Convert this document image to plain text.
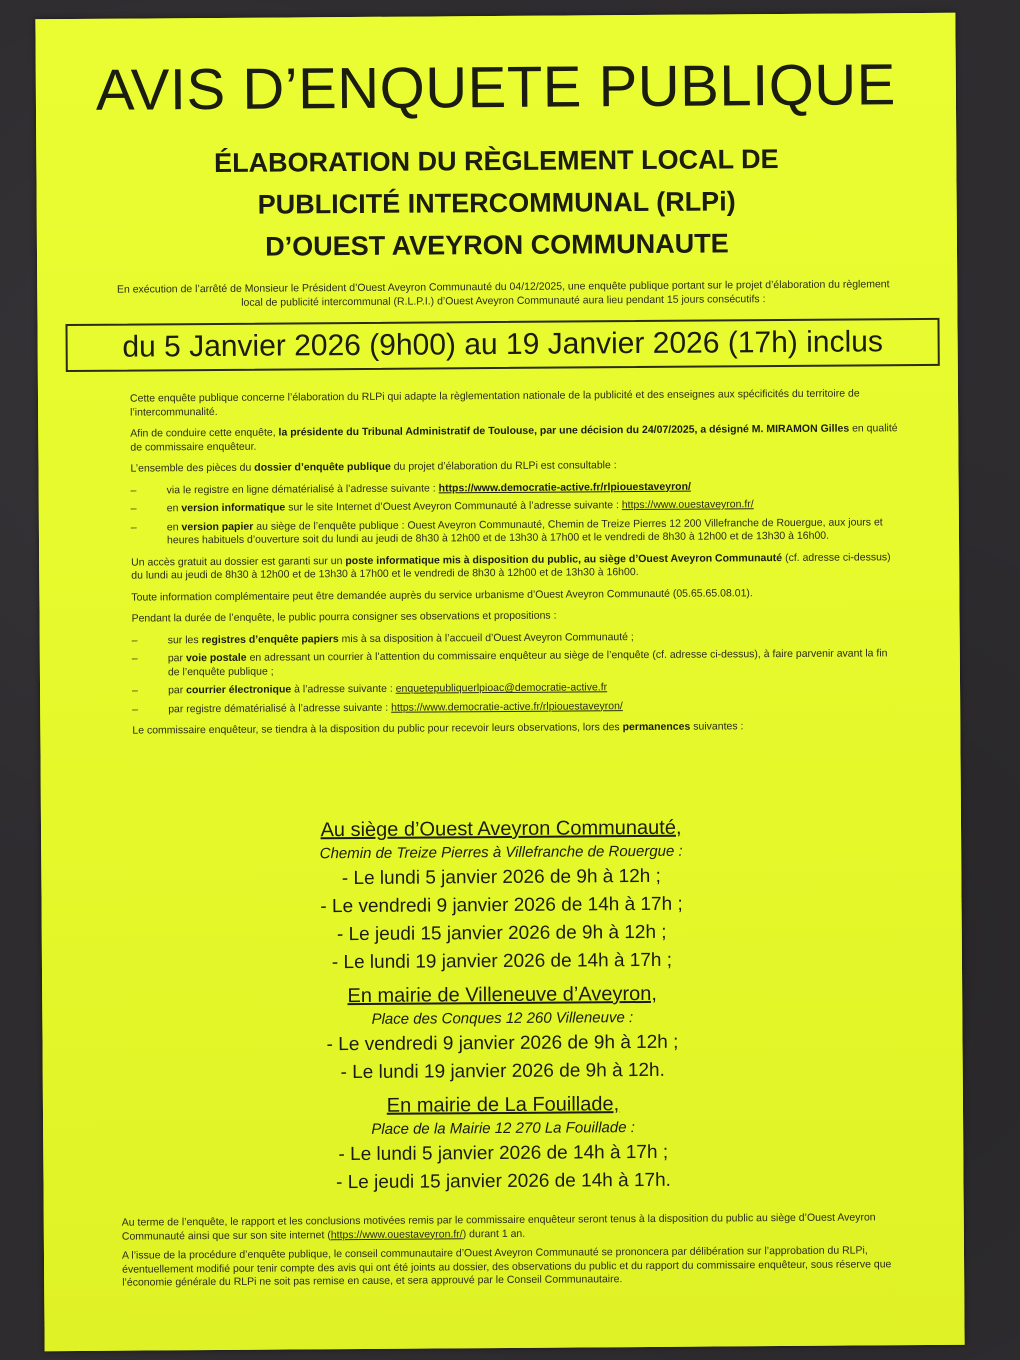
AVIS D’ENQUETE PUBLIQUE
ÉLABORATION DU RÈGLEMENT LOCAL DE
PUBLICITÉ INTERCOMMUNAL (RLPi)
D’OUEST AVEYRON COMMUNAUTE
En exécution de l’arrêté de Monsieur le Président d’Ouest Aveyron Communauté du 04/12/2025, une enquête publique portant sur le projet d’élaboration du règlement local de publicité intercommunal (R.L.P.I.) d’Ouest Aveyron Communauté aura lieu pendant 15 jours consécutifs :
du 5 Janvier 2026 (9h00) au 19 Janvier 2026 (17h) inclus

Cette enquête publique concerne l’élaboration du RLPi qui adapte la règlementation nationale de la publicité et des enseignes aux spécificités du territoire de l’intercommunalité.

Afin de conduire cette enquête, la présidente du Tribunal Administratif de Toulouse, par une décision du 24/07/2025, a désigné M. MIRAMON Gilles en qualité de commissaire enquêteur.

L’ensemble des pièces du dossier d’enquête publique du projet d’élaboration du RLPi est consultable :

– via le registre en ligne dématérialisé à l’adresse suivante : https://www.democratie-active.fr/rlpiouestaveyron/
– en version informatique sur le site Internet d’Ouest Aveyron Communauté à l’adresse suivante : https://www.ouestaveyron.fr/
– en version papier au siège de l’enquête publique : Ouest Aveyron Communauté, Chemin de Treize Pierres 12 200 Villefranche de Rouergue, aux jours et heures habituels d’ouverture soit du lundi au jeudi de 8h30 à 12h00 et de 13h30 à 17h00 et le vendredi de 8h30 à 12h00 et de 13h30 à 16h00.

Un accès gratuit au dossier est garanti sur un poste informatique mis à disposition du public, au siège d’Ouest Aveyron Communauté (cf. adresse ci-dessus) du lundi au jeudi de 8h30 à 12h00 et de 13h30 à 17h00 et le vendredi de 8h30 à 12h00 et de 13h30 à 16h00.

Toute information complémentaire peut être demandée auprès du service urbanisme d’Ouest Aveyron Communauté (05.65.65.08.01).

Pendant la durée de l’enquête, le public pourra consigner ses observations et propositions :

– sur les registres d’enquête papiers mis à sa disposition à l’accueil d’Ouest Aveyron Communauté ;
– par voie postale en adressant un courrier à l’attention du commissaire enquêteur au siège de l’enquête (cf. adresse ci-dessus), à faire parvenir avant la fin de l’enquête publique ;
– par courrier électronique à l’adresse suivante : enquetepubliquerlpioac@democratie-active.fr
– par registre dématérialisé à l’adresse suivante : https://www.democratie-active.fr/rlpiouestaveyron/

Le commissaire enquêteur, se tiendra à la disposition du public pour recevoir leurs observations, lors des permanences suivantes :

Au siège d’Ouest Aveyron Communauté,
Chemin de Treize Pierres à Villefranche de Rouergue :
- Le lundi 5 janvier 2026 de 9h à 12h ;
- Le vendredi 9 janvier 2026 de 14h à 17h ;
- Le jeudi 15 janvier 2026 de 9h à 12h ;
- Le lundi 19 janvier 2026 de 14h à 17h ;
En mairie de Villeneuve d’Aveyron,
Place des Conques 12 260 Villeneuve :
- Le vendredi 9 janvier 2026 de 9h à 12h ;
- Le lundi 19 janvier 2026 de 9h à 12h.
En mairie de La Fouillade,
Place de la Mairie 12 270 La Fouillade :
- Le lundi 5 janvier 2026 de 14h à 17h ;
- Le jeudi 15 janvier 2026 de 14h à 17h.

Au terme de l’enquête, le rapport et les conclusions motivées remis par le commissaire enquêteur seront tenus à la disposition du public au siège d’Ouest Aveyron Communauté ainsi que sur son site internet (https://www.ouestaveyron.fr/) durant 1 an.

A l’issue de la procédure d’enquête publique, le conseil communautaire d’Ouest Aveyron Communauté se prononcera par délibération sur l’approbation du RLPi, éventuellement modifié pour tenir compte des avis qui ont été joints au dossier, des observations du public et du rapport du commissaire enquêteur, sous réserve que l’économie générale du RLPi ne soit pas remise en cause, et sera approuvé par le Conseil Communautaire.
